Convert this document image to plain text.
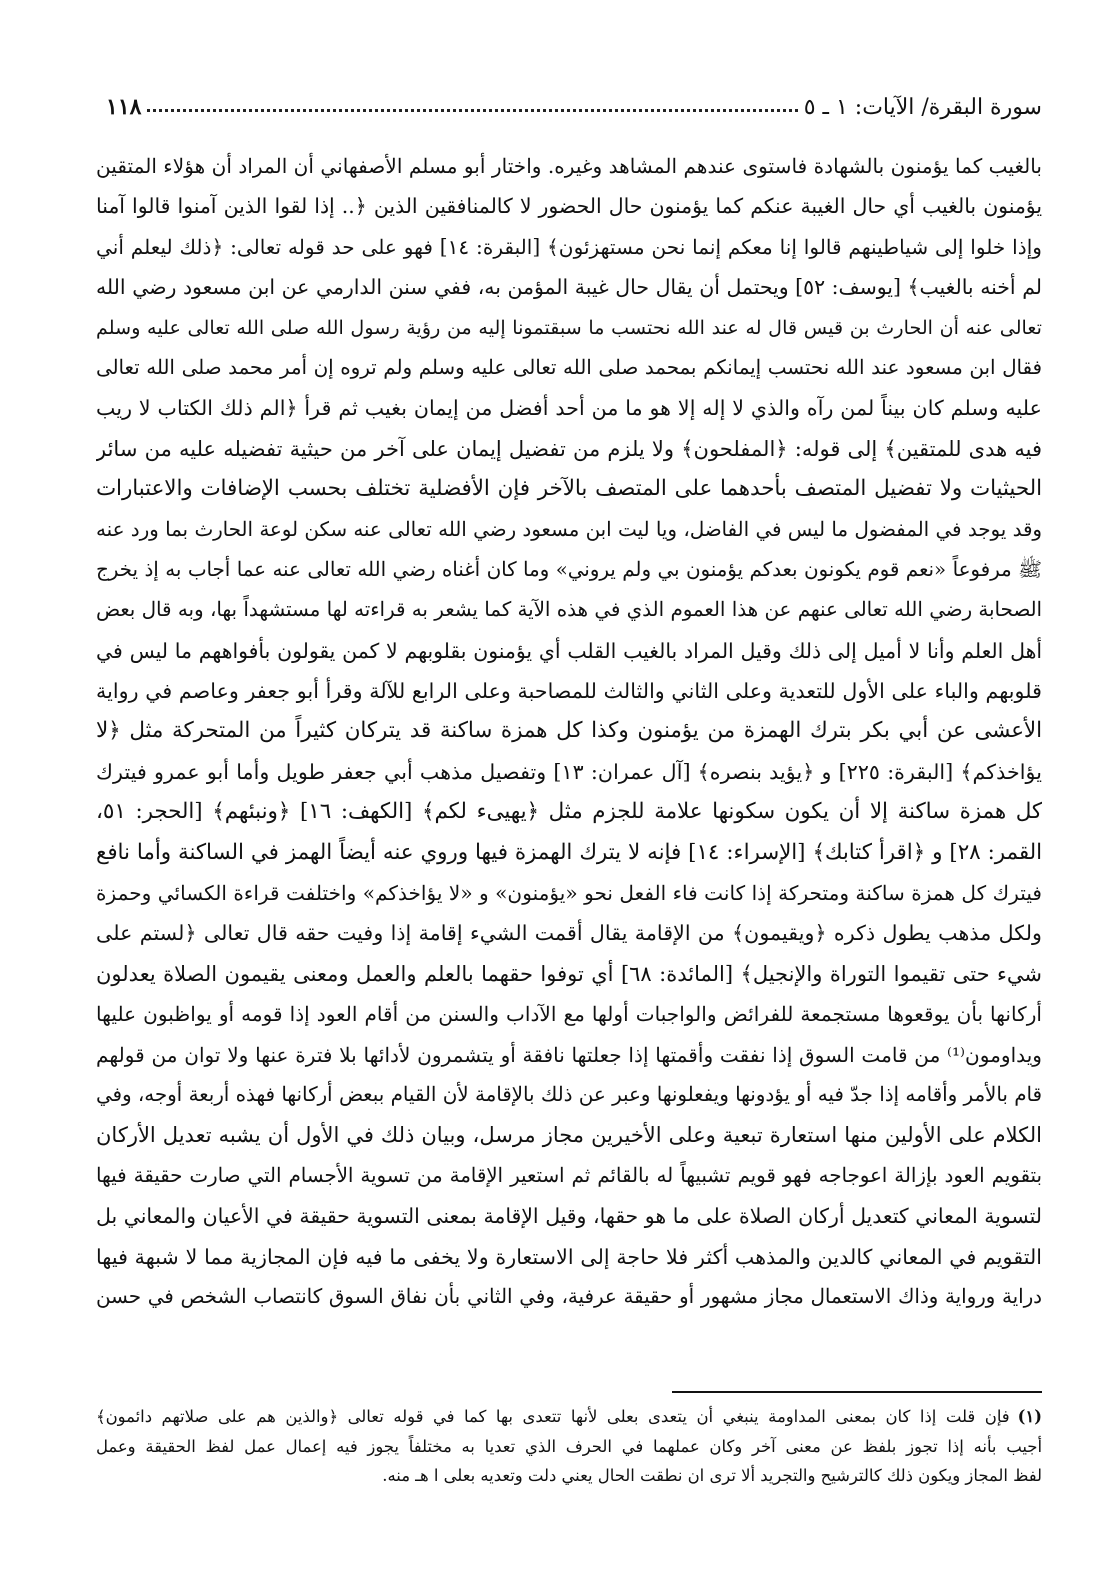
سورة البقرة/ الآيات: ١ ـ ٥
١١٨
بالغيب كما يؤمنون بالشهادة فاستوى عندهم المشاهد وغيره. واختار أبو مسلم الأصفهاني أن المراد أن هؤلاء المتقين
يؤمنون بالغيب أي حال الغيبة عنكم كما يؤمنون حال الحضور لا كالمنافقين الذين ﴿.. إذا لقوا الذين آمنوا قالوا آمنا
وإذا خلوا إلى شياطينهم قالوا إنا معكم إنما نحن مستهزئون﴾ [البقرة: ١٤] فهو على حد قوله تعالى: ﴿ذلك ليعلم أني
لم أخنه بالغيب﴾ [يوسف: ٥٢] ويحتمل أن يقال حال غيبة المؤمن به، ففي سنن الدارمي عن ابن مسعود رضي الله
تعالى عنه أن الحارث بن قيس قال له عند الله نحتسب ما سبقتمونا إليه من رؤية رسول الله صلى الله تعالى عليه وسلم
فقال ابن مسعود عند الله نحتسب إيمانكم بمحمد صلى الله تعالى عليه وسلم ولم تروه إن أمر محمد صلى الله تعالى
عليه وسلم كان بيناً لمن رآه والذي لا إله إلا هو ما من أحد أفضل من إيمان بغيب ثم قرأ ﴿الم ذلك الكتاب لا ريب
فيه هدى للمتقين﴾ إلى قوله: ﴿المفلحون﴾ ولا يلزم من تفضيل إيمان على آخر من حيثية تفضيله عليه من سائر
الحيثيات ولا تفضيل المتصف بأحدهما على المتصف بالآخر فإن الأفضلية تختلف بحسب الإضافات والاعتبارات
وقد يوجد في المفضول ما ليس في الفاضل، ويا ليت ابن مسعود رضي الله تعالى عنه سكن لوعة الحارث بما ورد عنه
ﷺ مرفوعاً «نعم قوم يكونون بعدكم يؤمنون بي ولم يروني» وما كان أغناه رضي الله تعالى عنه عما أجاب به إذ يخرج
الصحابة رضي الله تعالى عنهم عن هذا العموم الذي في هذه الآية كما يشعر به قراءته لها مستشهداً بها، وبه قال بعض
أهل العلم وأنا لا أميل إلى ذلك وقيل المراد بالغيب القلب أي يؤمنون بقلوبهم لا كمن يقولون بأفواههم ما ليس في
قلوبهم والباء على الأول للتعدية وعلى الثاني والثالث للمصاحبة وعلى الرابع للآلة وقرأ أبو جعفر وعاصم في رواية
الأعشى عن أبي بكر بترك الهمزة من يؤمنون وكذا كل همزة ساكنة قد يتركان كثيراً من المتحركة مثل ﴿لا
يؤاخذكم﴾ [البقرة: ٢٢٥] و ﴿يؤيد بنصره﴾ [آل عمران: ١٣] وتفصيل مذهب أبي جعفر طويل وأما أبو عمرو فيترك
كل همزة ساكنة إلا أن يكون سكونها علامة للجزم مثل ﴿يهيىء لكم﴾ [الكهف: ١٦] ﴿ونبئهم﴾ [الحجر: ٥١،
القمر: ٢٨] و ﴿اقرأ كتابك﴾ [الإسراء: ١٤] فإنه لا يترك الهمزة فيها وروي عنه أيضاً الهمز في الساكنة وأما نافع
فيترك كل همزة ساكنة ومتحركة إذا كانت فاء الفعل نحو «يؤمنون» و «لا يؤاخذكم» واختلفت قراءة الكسائي وحمزة
ولكل مذهب يطول ذكره ﴿ويقيمون﴾ من الإقامة يقال أقمت الشيء إقامة إذا وفيت حقه قال تعالى ﴿لستم على
شيء حتى تقيموا التوراة والإنجيل﴾ [المائدة: ٦٨] أي توفوا حقهما بالعلم والعمل ومعنى يقيمون الصلاة يعدلون
أركانها بأن يوقعوها مستجمعة للفرائض والواجبات أولها مع الآداب والسنن من أقام العود إذا قومه أو يواظبون عليها
ويداومون⁽¹⁾ من قامت السوق إذا نفقت وأقمتها إذا جعلتها نافقة أو يتشمرون لأدائها بلا فترة عنها ولا توان من قولهم
قام بالأمر وأقامه إذا جدّ فيه أو يؤدونها ويفعلونها وعبر عن ذلك بالإقامة لأن القيام ببعض أركانها فهذه أربعة أوجه، وفي
الكلام على الأولين منها استعارة تبعية وعلى الأخيرين مجاز مرسل، وبيان ذلك في الأول أن يشبه تعديل الأركان
بتقويم العود بإزالة اعوجاجه فهو قويم تشبيهاً له بالقائم ثم استعير الإقامة من تسوية الأجسام التي صارت حقيقة فيها
لتسوية المعاني كتعديل أركان الصلاة على ما هو حقها، وقيل الإقامة بمعنى التسوية حقيقة في الأعيان والمعاني بل
التقويم في المعاني كالدين والمذهب أكثر فلا حاجة إلى الاستعارة ولا يخفى ما فيه فإن المجازية مما لا شبهة فيها
دراية ورواية وذاك الاستعمال مجاز مشهور أو حقيقة عرفية، وفي الثاني بأن نفاق السوق كانتصاب الشخص في حسن
(١)فإن قلت إذا كان بمعنى المداومة ينبغي أن يتعدى بعلى لأنها تتعدى بها كما في قوله تعالى ﴿والذين هم على صلاتهم دائمون﴾
أجيب بأنه إذا تجوز بلفظ عن معنى آخر وكان عملهما في الحرف الذي تعديا به مختلفاً يجوز فيه إعمال عمل لفظ الحقيقة وعمل
لفظ المجاز ويكون ذلك كالترشيح والتجريد ألا ترى ان نطقت الحال يعني دلت وتعديه بعلى ا هـ منه.
